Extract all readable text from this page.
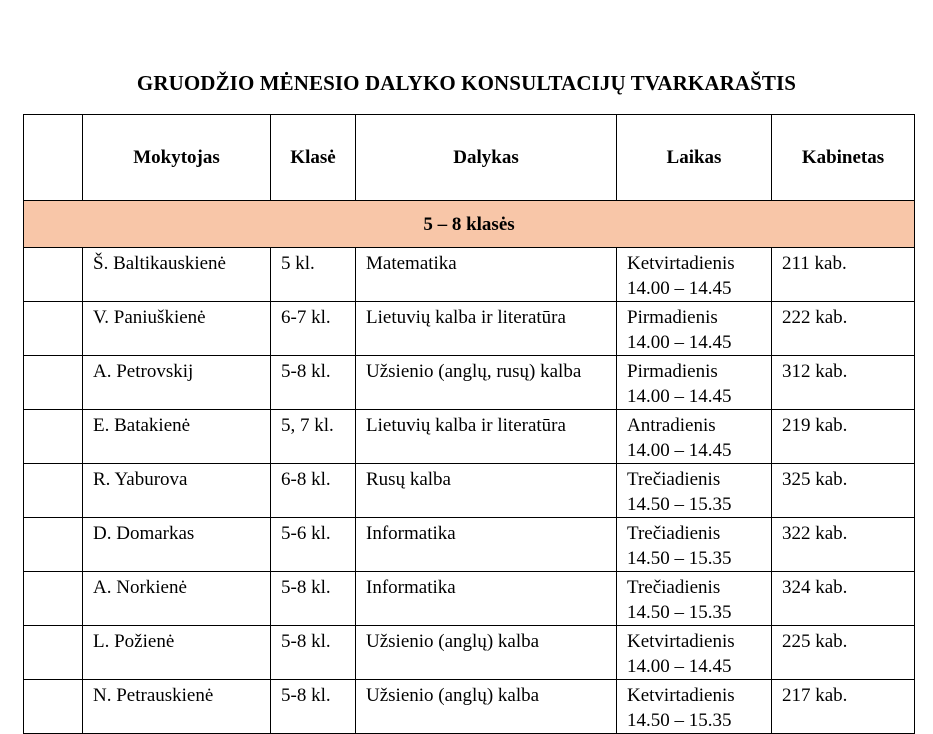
GRUODŽIO MĖNESIO DALYKO KONSULTACIJŲ TVARKARAŠTIS
	Mokytojas	Klasė	Dalykas	Laikas	Kabinetas
5 – 8 klasės					

	Š. Baltikauskienė	5 kl.	Matematika	Ketvirtadienis
14.00 – 14.45	211 kab.

	V. Paniuškienė	6-7 kl.	Lietuvių kalba ir literatūra	Pirmadienis
14.00 – 14.45	222 kab.

	A. Petrovskij	5-8 kl.	Užsienio (anglų, rusų) kalba	Pirmadienis
14.00 – 14.45	312 kab.

	E. Batakienė	5, 7 kl.	Lietuvių kalba ir literatūra	Antradienis
14.00 – 14.45	219 kab.

	R. Yaburova	6-8 kl.	Rusų kalba	Trečiadienis
14.50 – 15.35	325 kab.

	D. Domarkas	5-6 kl.	Informatika	Trečiadienis
14.50 – 15.35	322 kab.

	A. Norkienė	5-8 kl.	Informatika	Trečiadienis
14.50 – 15.35	324 kab.

	L. Požienė	5-8 kl.	Užsienio (anglų) kalba	Ketvirtadienis
14.00 – 14.45	225 kab.

	N. Petrauskienė	5-8 kl.	Užsienio (anglų) kalba	Ketvirtadienis
14.50 – 15.35	217 kab.
